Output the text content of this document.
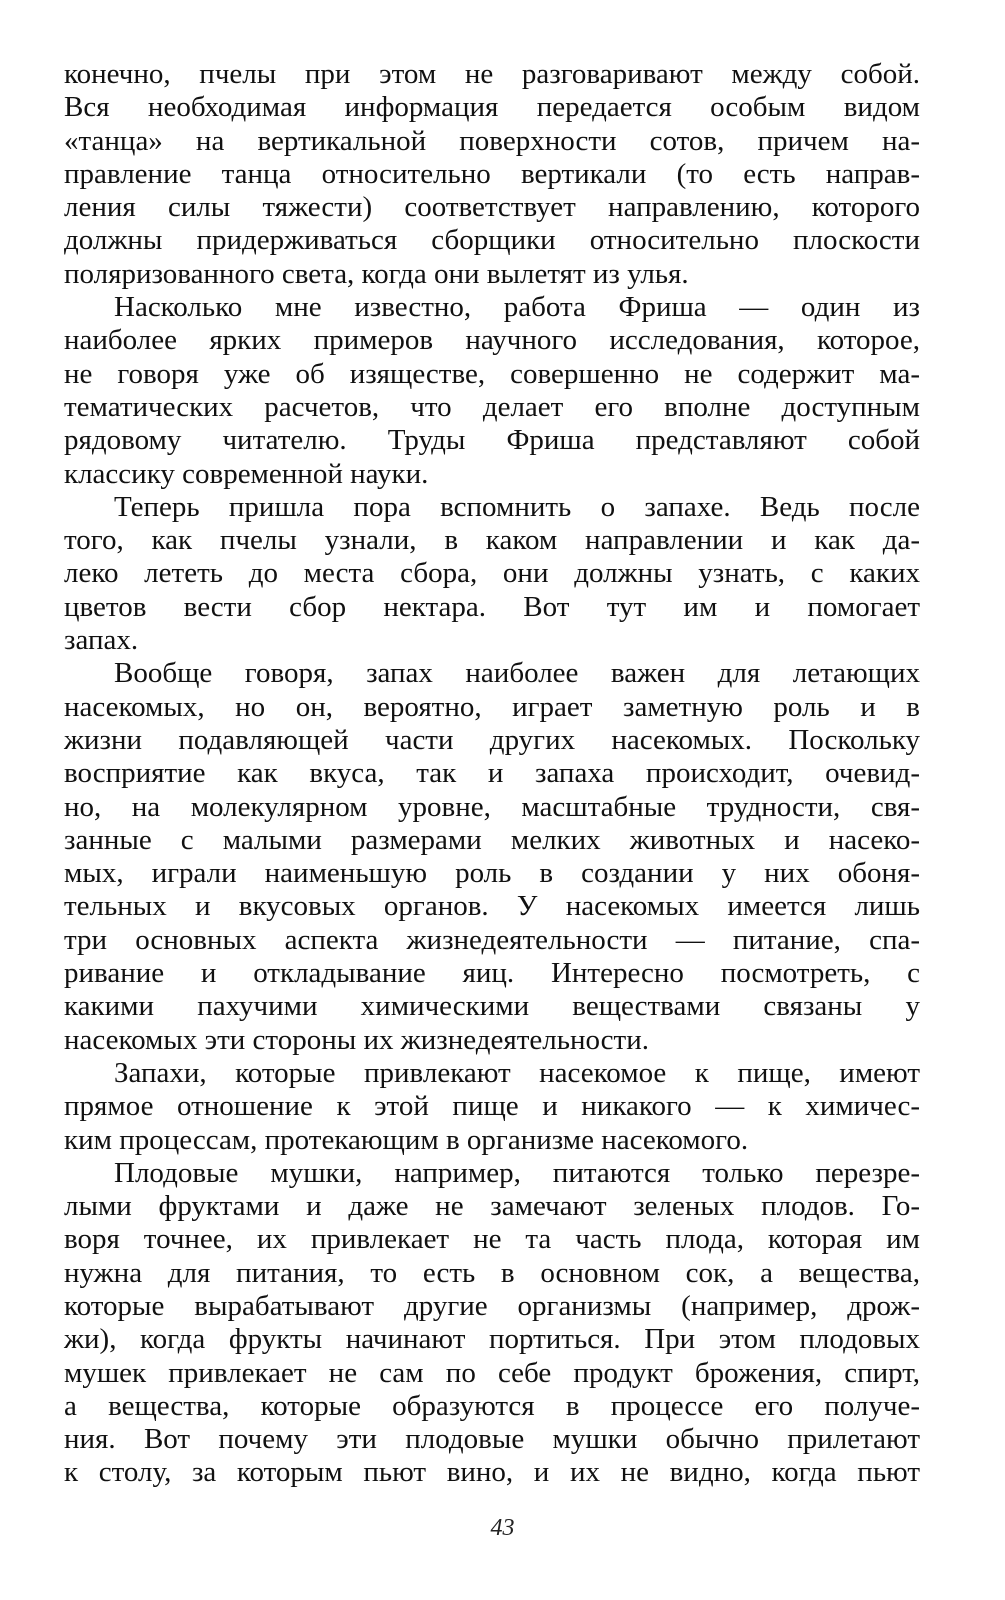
конечно, пчелы при этом не разговаривают между собой.
Вся необходимая информация передается особым видом
«танца» на вертикальной поверхности сотов, причем на-
правление танца относительно вертикали (то есть направ-
ления силы тяжести) соответствует направлению, которого
должны придерживаться сборщики относительно плоскости
поляризованного света, когда они вылетят из улья.
Насколько мне известно, работа Фриша — один из
наиболее ярких примеров научного исследования, которое,
не говоря уже об изяществе, совершенно не содержит ма-
тематических расчетов, что делает его вполне доступным
рядовому читателю. Труды Фриша представляют собой
классику современной науки.
Теперь пришла пора вспомнить о запахе. Ведь после
того, как пчелы узнали, в каком направлении и как да-
леко лететь до места сбора, они должны узнать, с каких
цветов вести сбор нектара. Вот тут им и помогает
запах.
Вообще говоря, запах наиболее важен для летающих
насекомых, но он, вероятно, играет заметную роль и в
жизни подавляющей части других насекомых. Поскольку
восприятие как вкуса, так и запаха происходит, очевид-
но, на молекулярном уровне, масштабные трудности, свя-
занные с малыми размерами мелких животных и насеко-
мых, играли наименьшую роль в создании у них обоня-
тельных и вкусовых органов. У насекомых имеется лишь
три основных аспекта жизнедеятельности — питание, спа-
ривание и откладывание яиц. Интересно посмотреть, с
какими пахучими химическими веществами связаны у
насекомых эти стороны их жизнедеятельности.
Запахи, которые привлекают насекомое к пище, имеют
прямое отношение к этой пище и никакого — к химичес-
ким процессам, протекающим в организме насекомого.
Плодовые мушки, например, питаются только перезре-
лыми фруктами и даже не замечают зеленых плодов. Го-
воря точнее, их привлекает не та часть плода, которая им
нужна для питания, то есть в основном сок, а вещества,
которые вырабатывают другие организмы (например, дрож-
жи), когда фрукты начинают портиться. При этом плодовых
мушек привлекает не сам по себе продукт брожения, спирт,
а вещества, которые образуются в процессе его получе-
ния. Вот почему эти плодовые мушки обычно прилетают
к столу, за которым пьют вино, и их не видно, когда пьют
43
